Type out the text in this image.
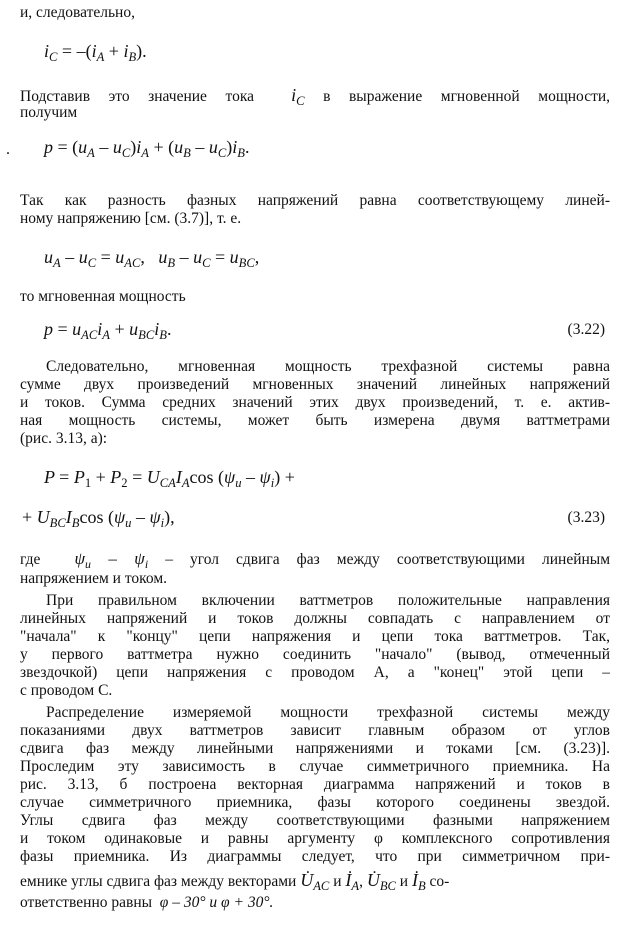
и, следовательно,
$i_C = -(i_A + i_B)$.
Подставив это значение тока $i_C$ в выражение мгновенной мощности,
получим
$p = (u_A - u_C)i_A + (u_B - u_C)i_B$.
.
Так как разность фазных напряжений равна соответствующему линей-
ному напряжению [см. (3.7)], т. е.
$u_A - u_C = u_{AC}$,   $u_B - u_C = u_{BC}$,
то мгновенная мощность
$p = u_{AC}i_A + u_{BC}i_B$.	(3.22)
Следовательно, мгновенная мощность трехфазной системы равна
сумме двух произведений мгновенных значений линейных напряжений
и токов. Сумма средних значений этих двух произведений, т. е. актив-
ная мощность системы, может быть измерена двумя ваттметрами
(рис. 3.13, а):
$P = P_1 + P_2 = U_{CA}I_A\cos$ $(\psi_u - \psi_i)$ +
+ $U_{BC}I_B\cos$ $(\psi_u - \psi_i)$,	(3.23)
где $\psi_u - \psi_i$ – угол сдвига фаз между соответствующими линейным
напряжением и током.
При правильном включении ваттметров положительные направления
линейных напряжений и токов должны совпадать с направлением от
"начала" к "концу" цепи напряжения и цепи тока ваттметров. Так,
у первого ваттметра нужно соединить "начало" (вывод, отмеченный
звездочкой) цепи напряжения с проводом A, а "конец" этой цепи –
с проводом C.
Распределение измеряемой мощности трехфазной системы между
показаниями двух ваттметров зависит главным образом от углов
сдвига фаз между линейными напряжениями и токами [см. (3.23)].
Проследим эту зависимость в случае симметричного приемника. На
рис. 3.13, б построена векторная диаграмма напряжений и токов в
случае симметричного приемника, фазы которого соединены звездой.
Углы сдвига фаз между соответствующими фазными напряжением
и током одинаковые и равны аргументу φ комплексного сопротивления
фазы приемника. Из диаграммы следует, что при симметричном при-
емнике углы сдвига фаз между векторами $U̇_{AC}$ и $İ_A$, $U̇_{BC}$ и $İ_B$ со-
ответственно равны φ – 30° и φ + 30°.
